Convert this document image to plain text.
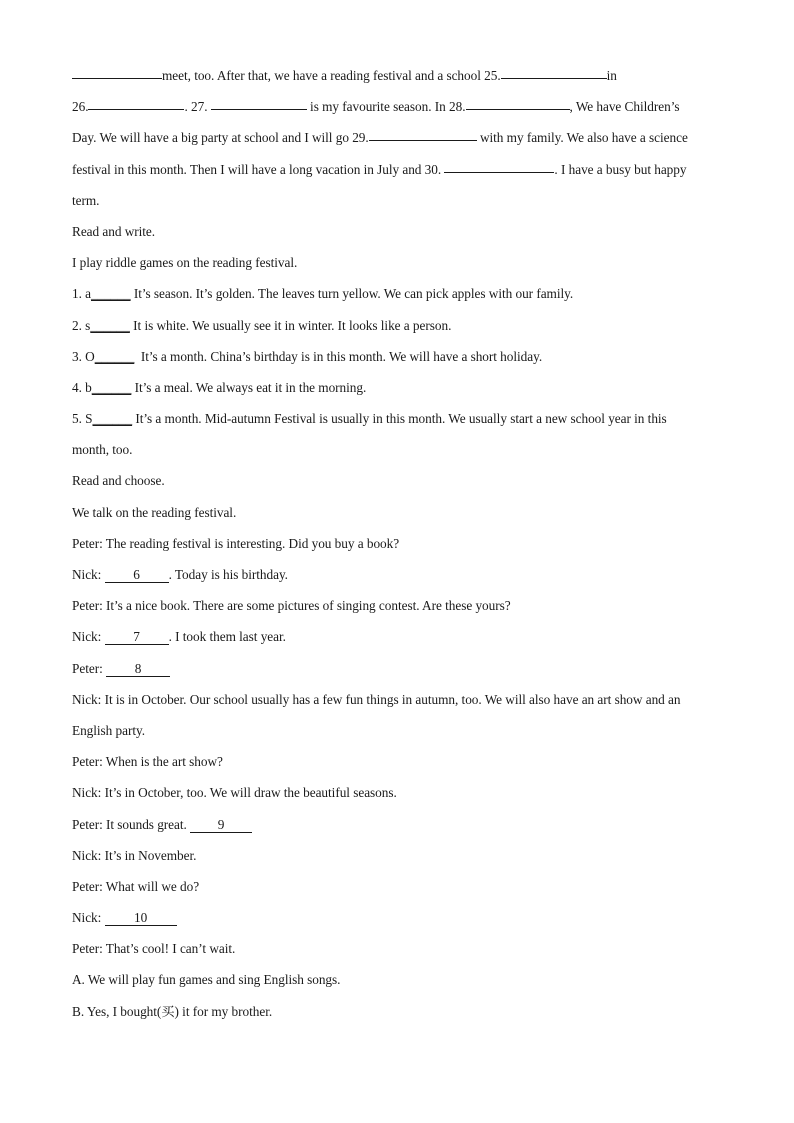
meet, too. After that, we have a reading festival and a school 25.	in
26.	. 27.	is my favourite season. In 28.	, We have Children’s
Day. We will have a big party at school and I will go 29.	with my family. We also have a science
festival in this month. Then I will have a long vacation in July and 30.	. I have a busy but happy
term.
Read and write.
I play riddle games on the reading festival.
1. a______ It’s season. It’s golden. The leaves turn yellow. We can pick apples with our family.
2. s______ It is white. We usually see it in winter. It looks like a person.
3. O______  It’s a month. China’s birthday is in this month. We will have a short holiday.
4. b______ It’s a meal. We always eat it in the morning.
5. S______ It’s a month. Mid-autumn Festival is usually in this month. We usually start a new school year in this
month, too.
Read and choose.
We talk on the reading festival.
Peter: The reading festival is interesting. Did you buy a book?
Nick: 6 . Today is his birthday.
Peter: It’s a nice book. There are some pictures of singing contest. Are these yours?
Nick: 7 . I took them last year.
Peter: 8
Nick: It is in October. Our school usually has a few fun things in autumn, too. We will also have an art show and an
English party.
Peter: When is the art show?
Nick: It’s in October, too. We will draw the beautiful seasons.
Peter: It sounds great. 9
Nick: It’s in November.
Peter: What will we do?
Nick: 10
Peter: That’s cool! I can’t wait.
A. We will play fun games and sing English songs.
B. Yes, I bought(买) it for my brother.
